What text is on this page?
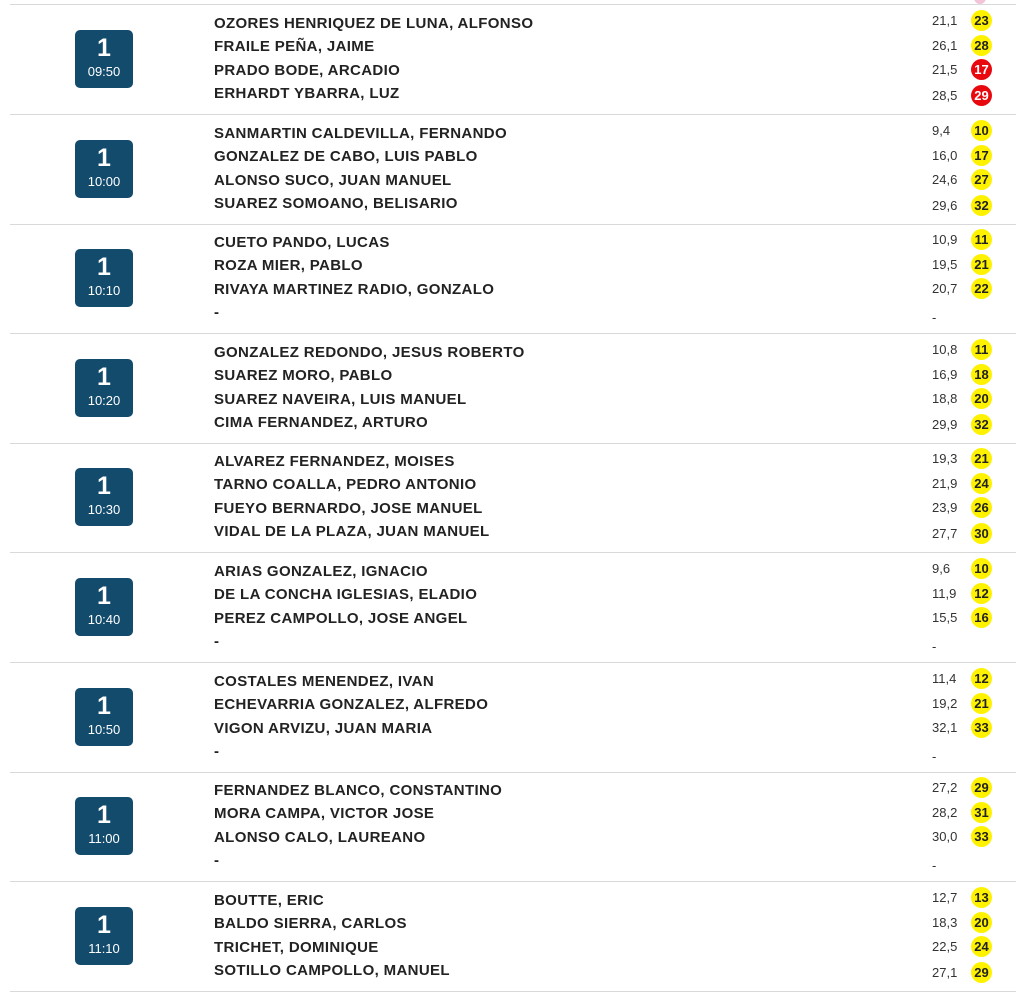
1
09:50
OZORES HENRIQUEZ DE LUNA, ALFONSO	21,1 23
FRAILE PEÑA, JAIME	26,1 28
PRADO BODE, ARCADIO	21,5 17
ERHARDT YBARRA, LUZ	28,5 29
1
10:00
SANMARTIN CALDEVILLA, FERNANDO	9,4 10
GONZALEZ DE CABO, LUIS PABLO	16,0 17
ALONSO SUCO, JUAN MANUEL	24,6 27
SUAREZ SOMOANO, BELISARIO	29,6 32
1
10:10
CUETO PANDO, LUCAS	10,9 11
ROZA MIER, PABLO	19,5 21
RIVAYA MARTINEZ RADIO, GONZALO	20,7 22
-	-
1
10:20
GONZALEZ REDONDO, JESUS ROBERTO	10,8 11
SUAREZ MORO, PABLO	16,9 18
SUAREZ NAVEIRA, LUIS MANUEL	18,8 20
CIMA FERNANDEZ, ARTURO	29,9 32
1
10:30
ALVAREZ FERNANDEZ, MOISES	19,3 21
TARNO COALLA, PEDRO ANTONIO	21,9 24
FUEYO BERNARDO, JOSE MANUEL	23,9 26
VIDAL DE LA PLAZA, JUAN MANUEL	27,7 30
1
10:40
ARIAS GONZALEZ, IGNACIO	9,6 10
DE LA CONCHA IGLESIAS, ELADIO	11,9 12
PEREZ CAMPOLLO, JOSE ANGEL	15,5 16
-	-
1
10:50
COSTALES MENENDEZ, IVAN	11,4 12
ECHEVARRIA GONZALEZ, ALFREDO	19,2 21
VIGON ARVIZU, JUAN MARIA	32,1 33
-	-
1
11:00
FERNANDEZ BLANCO, CONSTANTINO	27,2 29
MORA CAMPA, VICTOR JOSE	28,2 31
ALONSO CALO, LAUREANO	30,0 33
-	-
1
11:10
BOUTTE, ERIC	12,7 13
BALDO SIERRA, CARLOS	18,3 20
TRICHET, DOMINIQUE	22,5 24
SOTILLO CAMPOLLO, MANUEL	27,1 29
